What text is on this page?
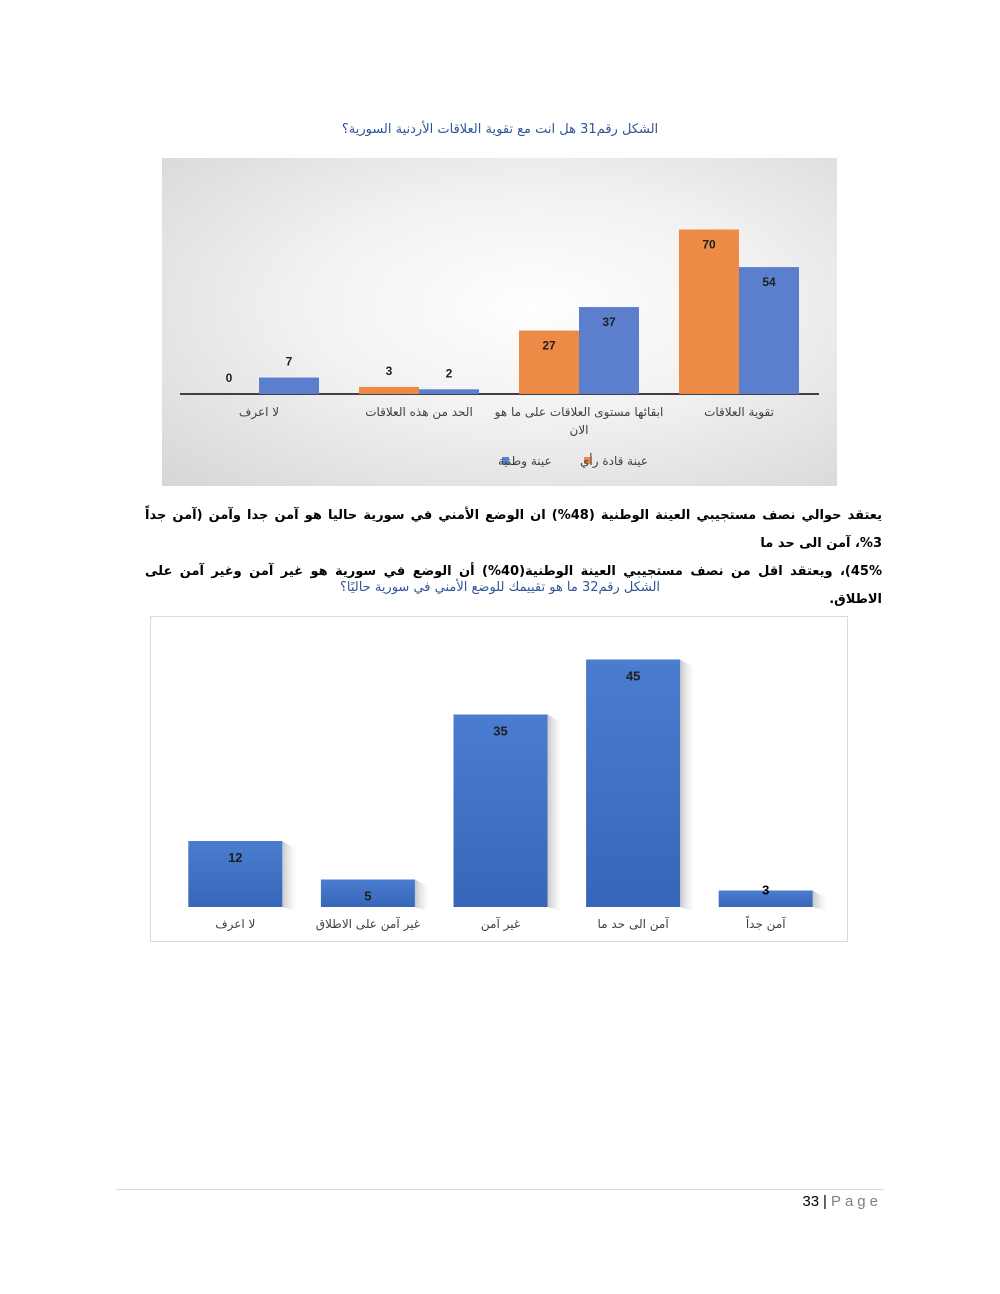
الشكل رقم31 هل انت مع تقوية العلاقات الأردنية السورية؟
70
54
تقوية العلاقات
27
37
ابقائها مستوى العلاقات على ما هو
الان
3	2
الحد من هذه العلاقات
0
7
لا اعرف
عينة قادة رأي
عينة وطنية
يعتقد حوالي نصف مستجيبي العينة الوطنية (48%) ان الوضع الأمني في سورية حاليا هو آمن جدا وآمن (آمن جداً 3%، آمن الى حد ما
45%)، ويعتقد اقل من نصف مستجيبي العينة الوطنية(40%) أن الوضع في سورية هو غير آمن وغير آمن على الاطلاق.
الشكل رقم32 ما هو تقييمك للوضع الأمني في سورية حاليًا؟
3
آمن جداً
45
آمن الى حد ما
35
غير آمن
5
غير آمن على الاطلاق
12
لا اعرف
33 | Page
